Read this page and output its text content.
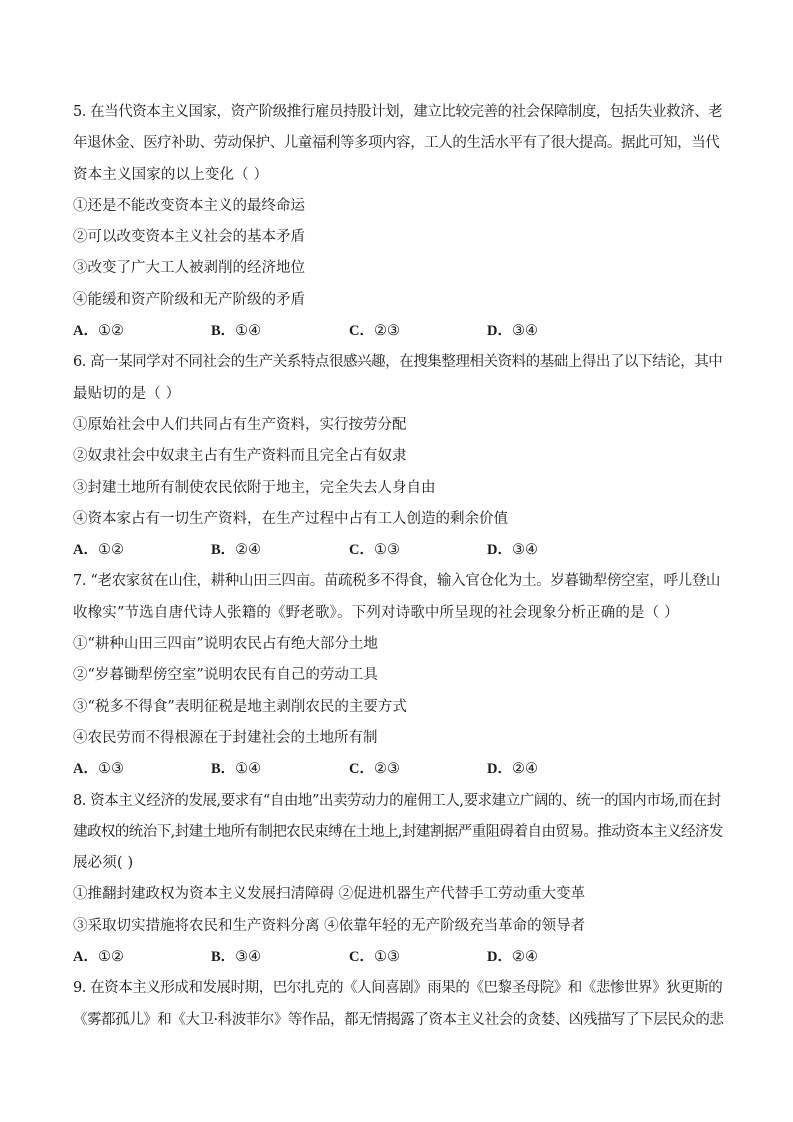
5. 在当代资本主义国家，资产阶级推行雇员持股计划，建立比较完善的社会保障制度，包括失业救济、老
年退休金、医疗补助、劳动保护、儿童福利等多项内容，工人的生活水平有了很大提高。据此可知，当代
资本主义国家的以上变化（ ）
①还是不能改变资本主义的最终命运
②可以改变资本主义社会的基本矛盾
③改变了广大工人被剥削的经济地位
④能缓和资产阶级和无产阶级的矛盾
A．①②	B．①④	C．②③	D．③④
6. 高一某同学对不同社会的生产关系特点很感兴趣，在搜集整理相关资料的基础上得出了以下结论，其中
最贴切的是（ ）
①原始社会中人们共同占有生产资料，实行按劳分配
②奴隶社会中奴隶主占有生产资料而且完全占有奴隶
③封建土地所有制使农民依附于地主，完全失去人身自由
④资本家占有一切生产资料，在生产过程中占有工人创造的剩余价值
A．①②	B．②④	C．①③	D．③④
7. “老农家贫在山住，耕种山田三四亩。苗疏税多不得食，输入官仓化为土。岁暮锄犁傍空室，呼儿登山
收橡实”节选自唐代诗人张籍的《野老歌》。下列对诗歌中所呈现的社会现象分析正确的是（ ）
①“耕种山田三四亩”说明农民占有绝大部分土地
②“岁暮锄犁傍空室”说明农民有自己的劳动工具
③“税多不得食”表明征税是地主剥削农民的主要方式
④农民劳而不得根源在于封建社会的土地所有制
A．①③	B．①④	C．②③	D．②④
8. 资本主义经济的发展,要求有“自由地”出卖劳动力的雇佣工人,要求建立广阔的、统一的国内市场,而在封
建政权的统治下,封建土地所有制把农民束缚在土地上,封建割据严重阻碍着自由贸易。推动资本主义经济发
展必须( )
①推翻封建政权为资本主义发展扫清障碍 ②促进机器生产代替手工劳动重大变革
③采取切实措施将农民和生产资料分离 ④依靠年轻的无产阶级充当革命的领导者
A．①②	B．③④	C．①③	D．②④
9. 在资本主义形成和发展时期，巴尔扎克的《人间喜剧》雨果的《巴黎圣母院》和《悲惨世界》狄更斯的
《雾都孤儿》和《大卫·科波菲尔》等作品，都无情揭露了资本主义社会的贪婪、凶残描写了下层民众的悲
